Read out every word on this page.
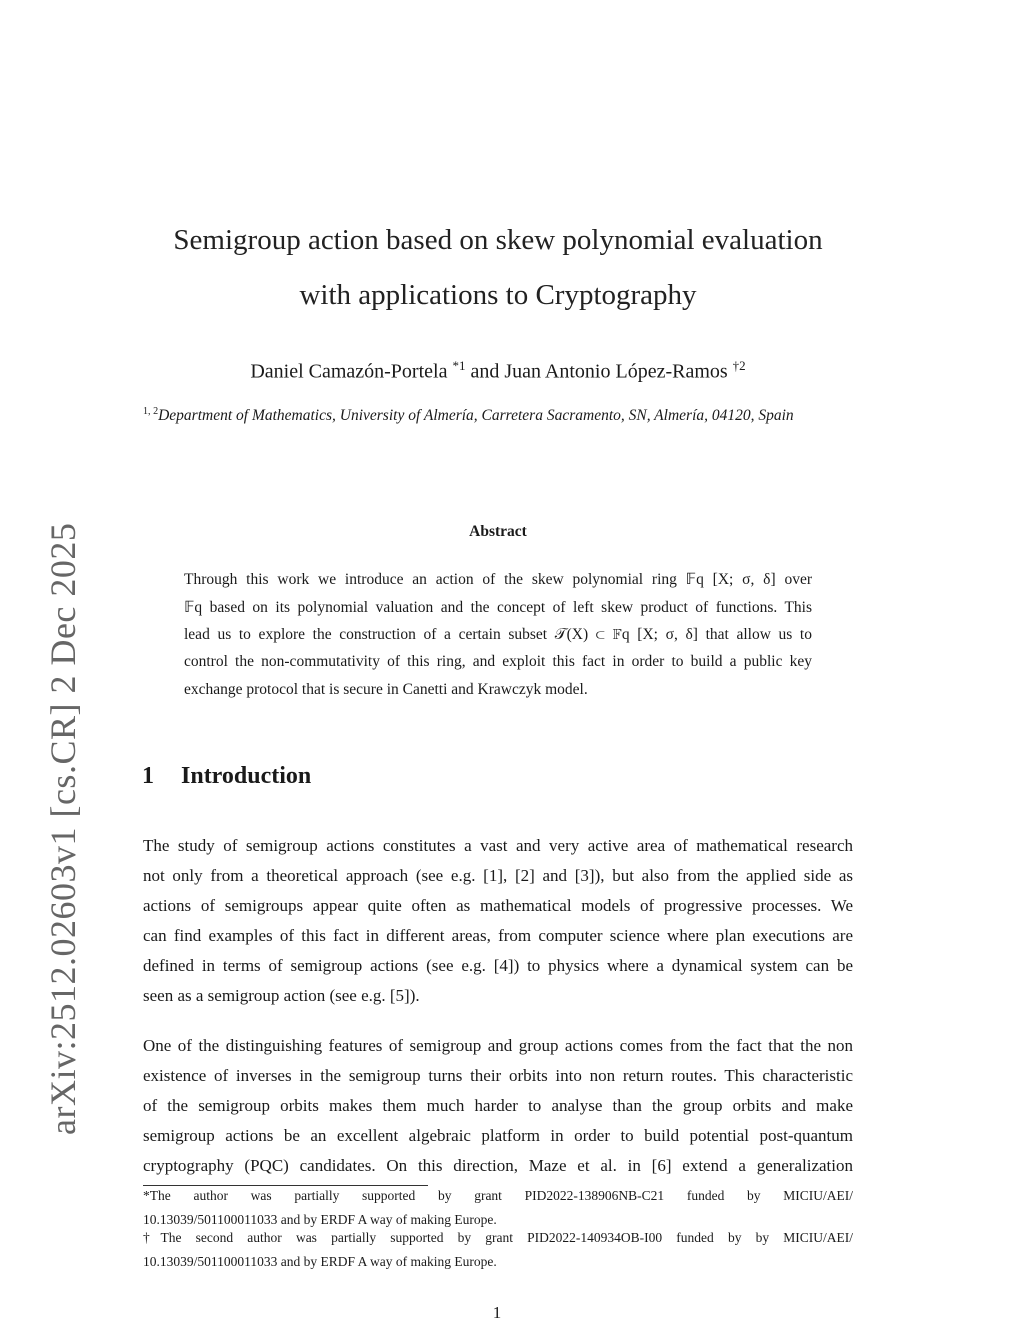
arXiv:2512.02603v1 [cs.CR] 2 Dec 2025
Semigroup action based on skew polynomial evaluation
with applications to Cryptography
Daniel Camazón-Portela $^{*1}$ and Juan Antonio López-Ramos $^{\dagger 2}$
$^{1, 2}$Department of Mathematics, University of Almería, Carretera Sacramento, SN, Almería, 04120, Spain
Abstract
Through this work we introduce an action of the skew polynomial ring 𝔽q [X; σ, δ] over
𝔽q based on its polynomial valuation and the concept of left skew product of functions. This
lead us to explore the construction of a certain subset 𝒯(X) ⊂ 𝔽q [X; σ, δ] that allow us to
control the non-commutativity of this ring, and exploit this fact in order to build a public key
exchange protocol that is secure in Canetti and Krawczyk model.
1 Introduction
The study of semigroup actions constitutes a vast and very active area of mathematical research
not only from a theoretical approach (see e.g. [1], [2] and [3]), but also from the applied side as
actions of semigroups appear quite often as mathematical models of progressive processes. We
can find examples of this fact in different areas, from computer science where plan executions are
defined in terms of semigroup actions (see e.g. [4]) to physics where a dynamical system can be
seen as a semigroup action (see e.g. [5]).
One of the distinguishing features of semigroup and group actions comes from the fact that the non
existence of inverses in the semigroup turns their orbits into non return routes. This characteristic
of the semigroup orbits makes them much harder to analyse than the group orbits and make
semigroup actions be an excellent algebraic platform in order to build potential post-quantum
cryptography (PQC) candidates. On this direction, Maze et al. in [6] extend a generalization
*The author was partially supported by grant PID2022-138906NB-C21 funded by MICIU/AEI/
10.13039/501100011033 and by ERDF A way of making Europe.
†The second author was partially supported by grant PID2022-140934OB-I00 funded by by MICIU/AEI/
10.13039/501100011033 and by ERDF A way of making Europe.
1
